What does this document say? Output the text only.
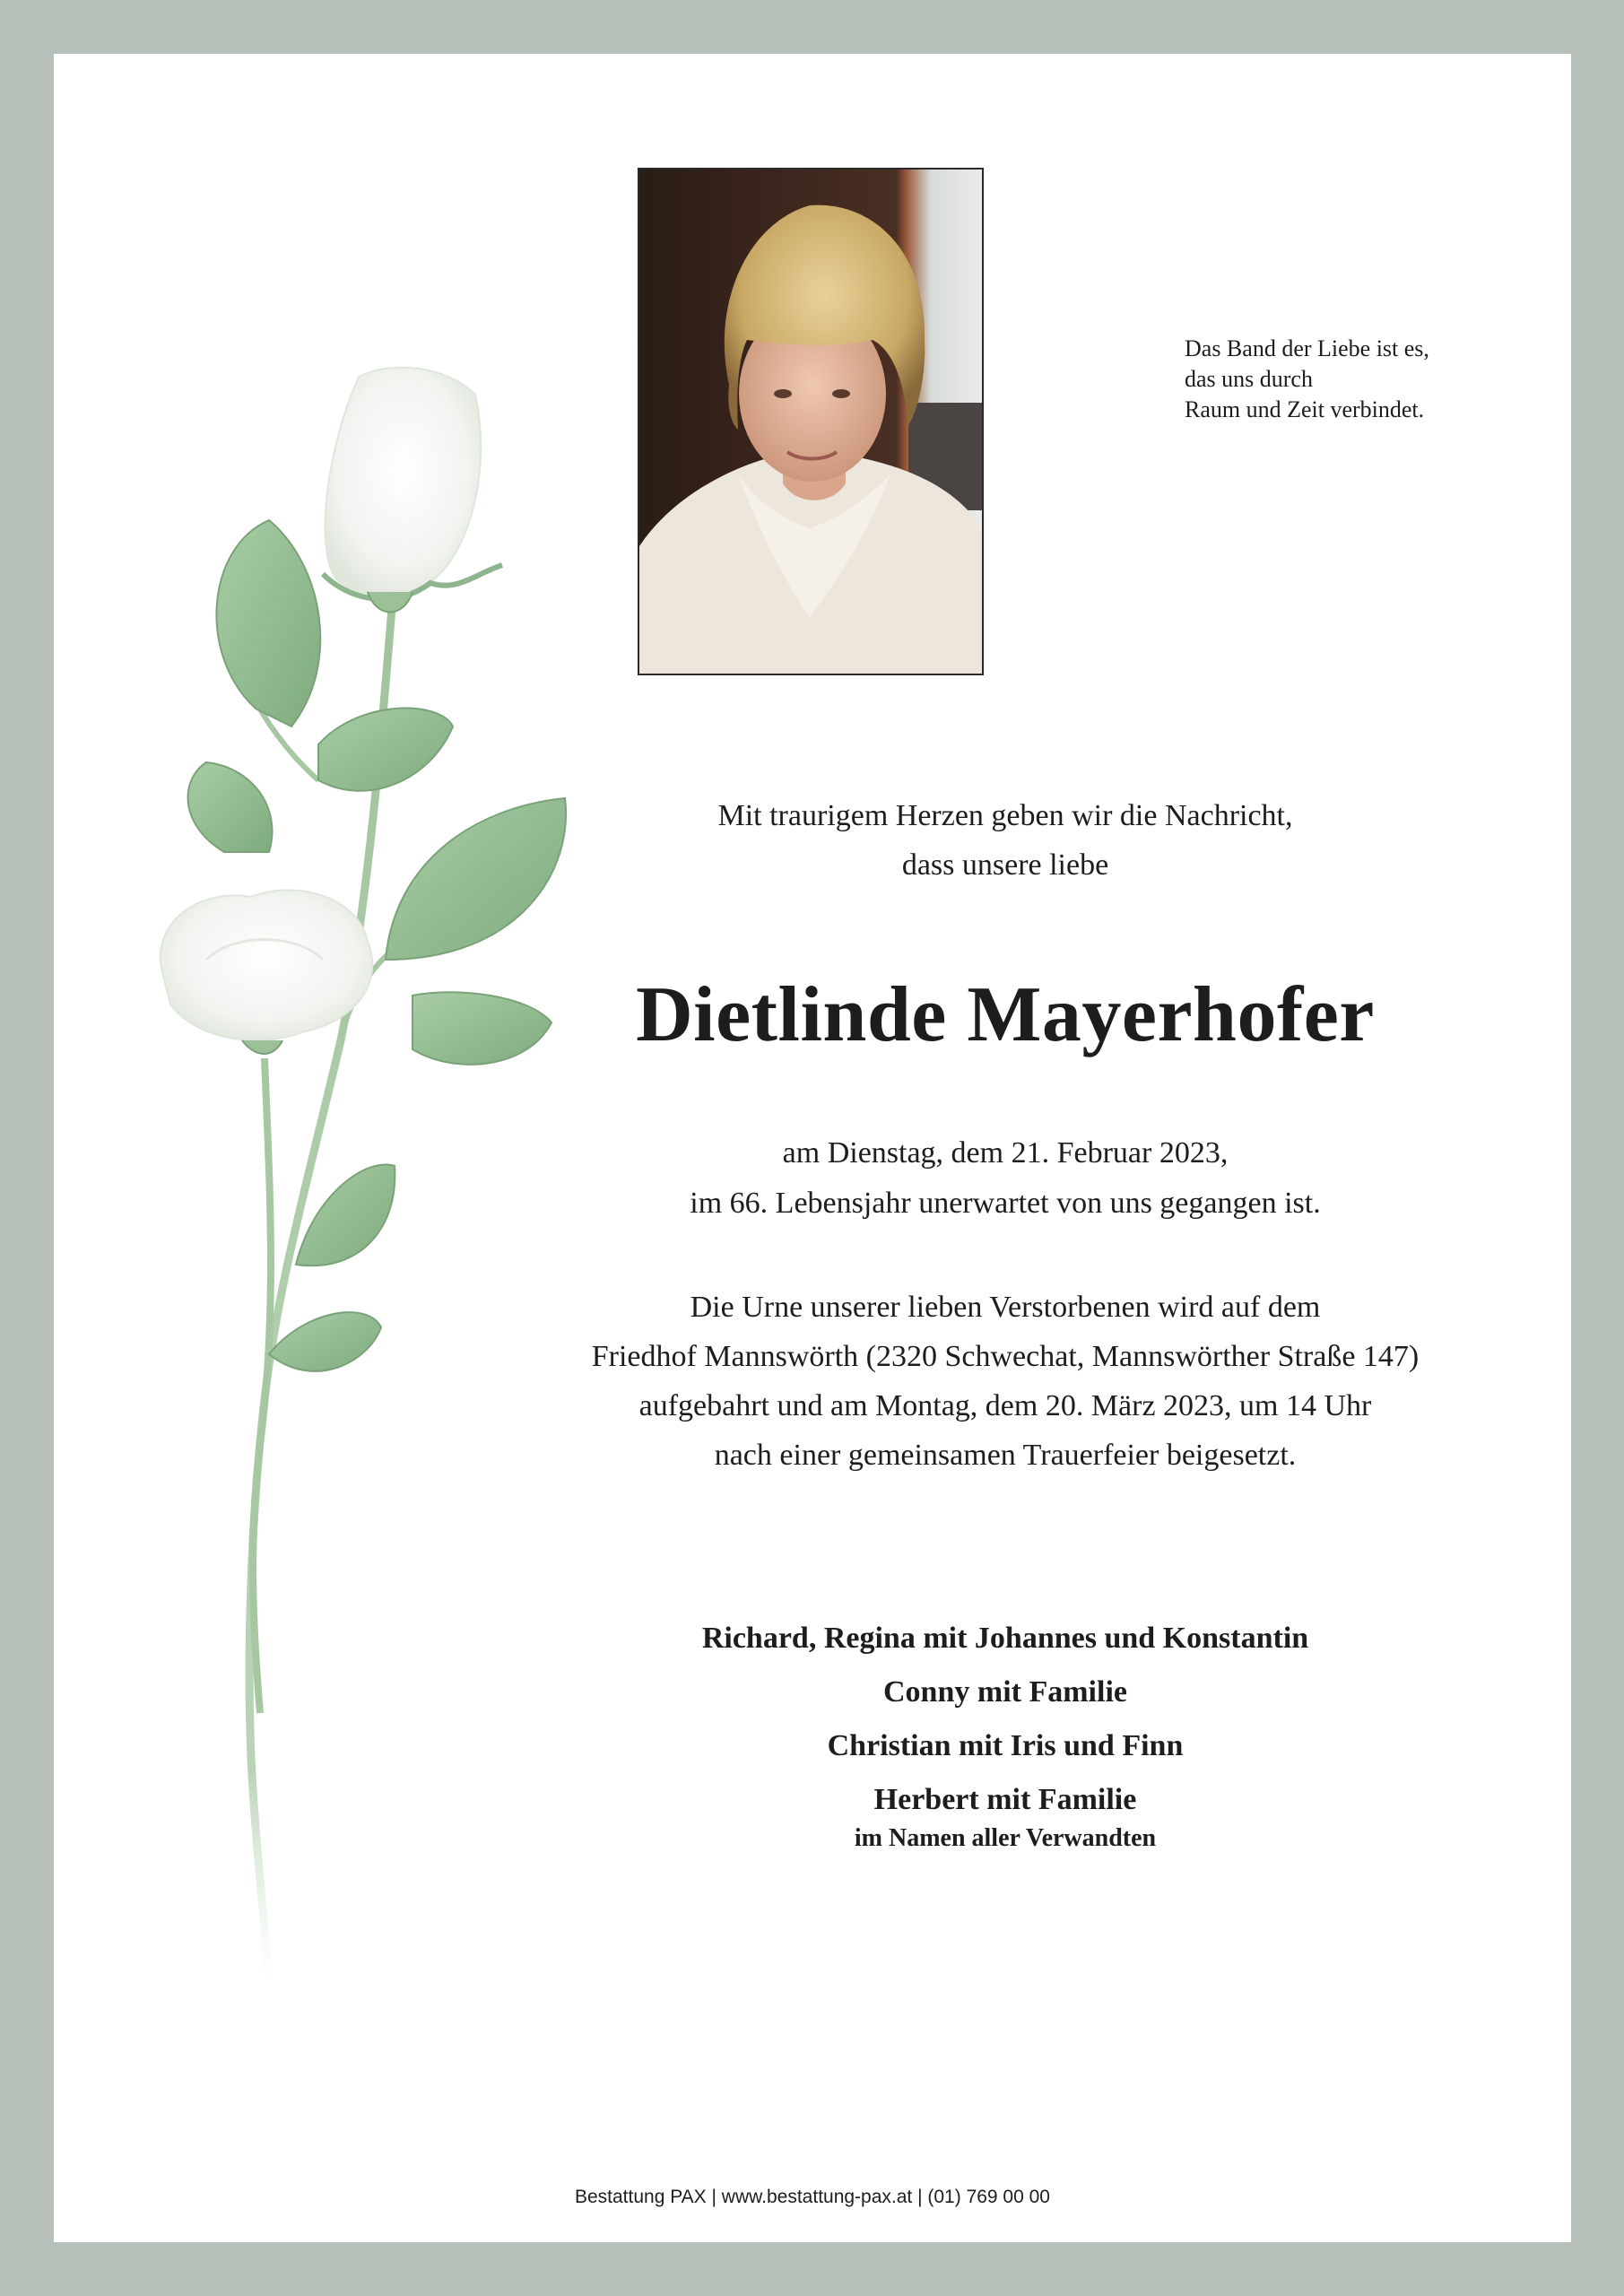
Das Band der Liebe ist es,
das uns durch
Raum und Zeit verbindet.
Mit traurigem Herzen geben wir die Nachricht,
dass unsere liebe
Dietlinde Mayerhofer
am Dienstag, dem 21. Februar 2023,
im 66. Lebensjahr unerwartet von uns gegangen ist.
Die Urne unserer lieben Verstorbenen wird auf dem
Friedhof Mannswörth (2320 Schwechat, Mannswörther Straße 147)
aufgebahrt und am Montag, dem 20. März 2023, um 14 Uhr
nach einer gemeinsamen Trauerfeier beigesetzt.
Richard, Regina mit Johannes und Konstantin
Conny mit Familie
Christian mit Iris und Finn
Herbert mit Familie
im Namen aller Verwandten
Bestattung PAX | www.bestattung-pax.at | (01) 769 00 00
